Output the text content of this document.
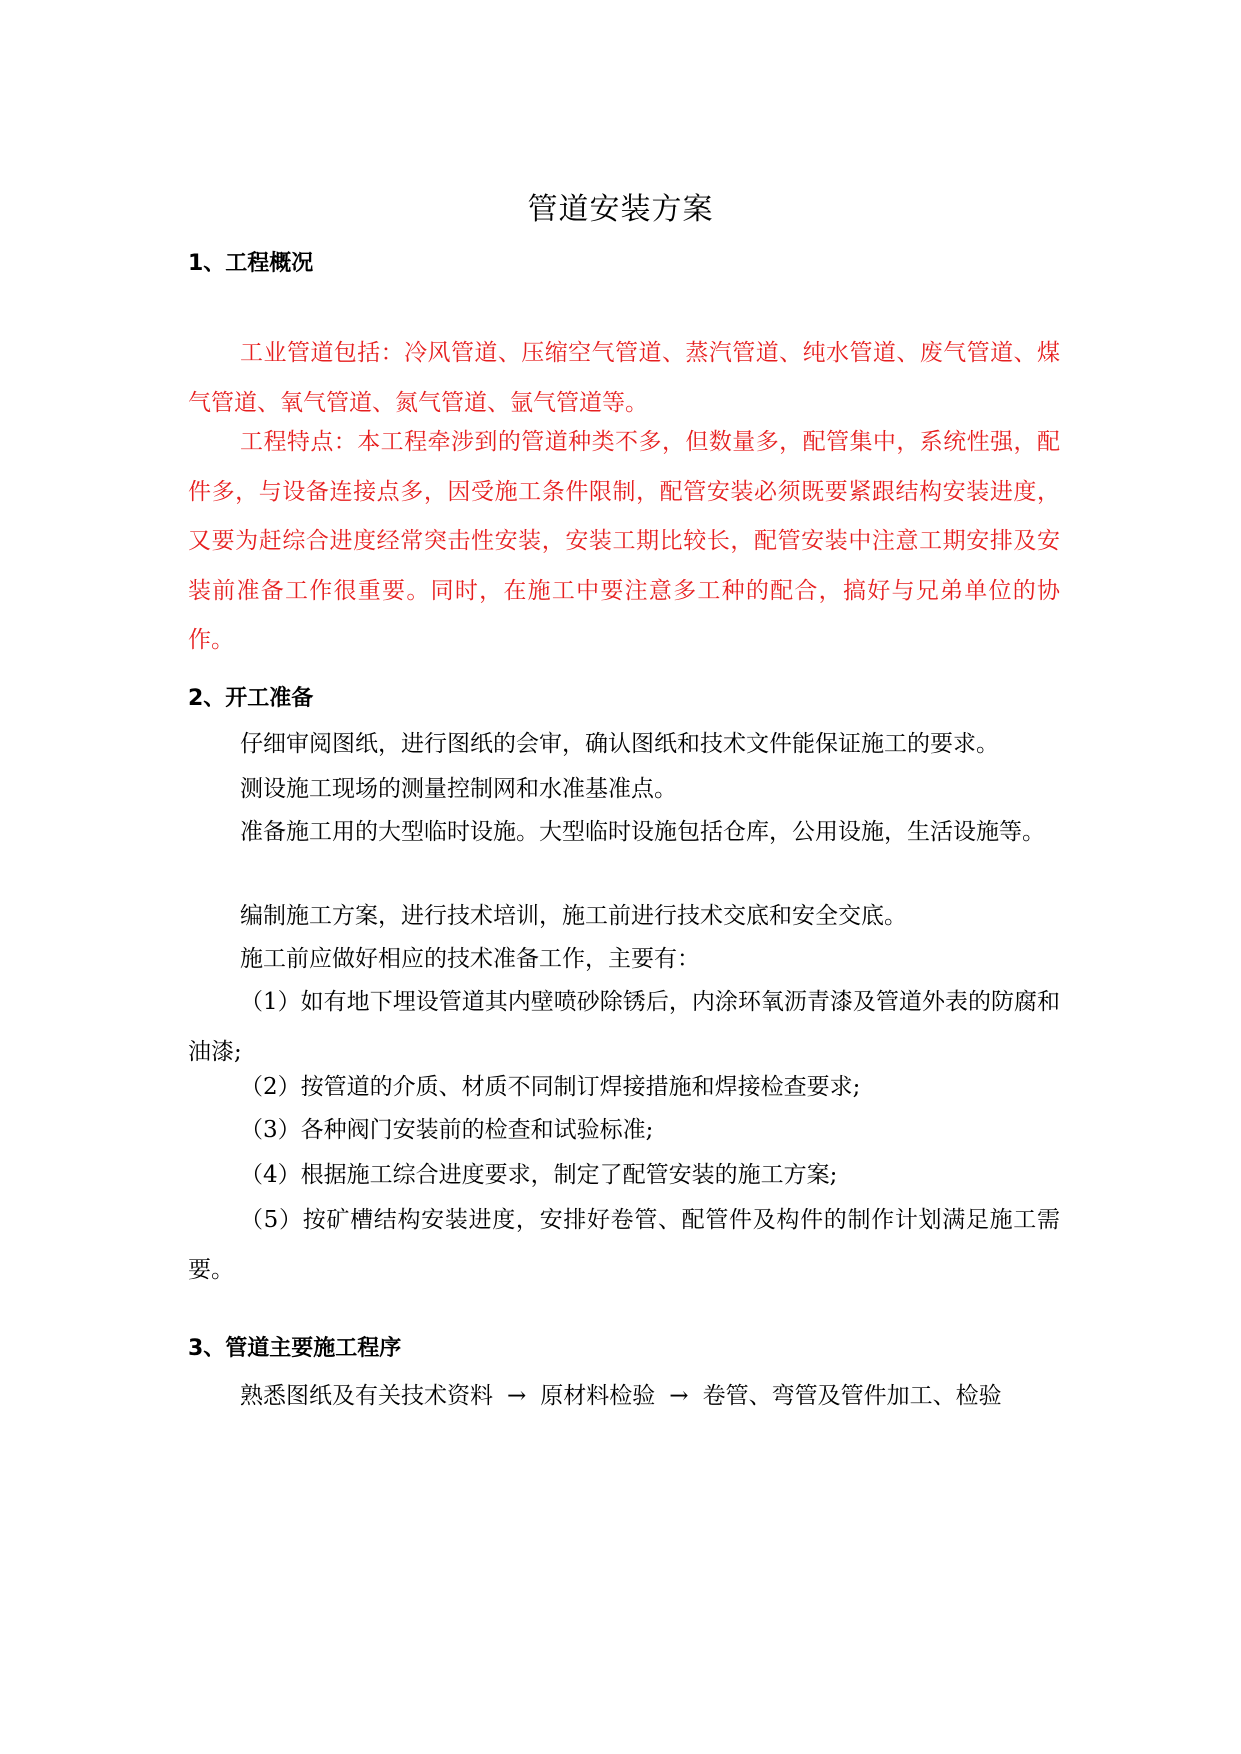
管道安装方案
1、工程概况

工业管道包括：冷风管道、压缩空气管道、蒸汽管道、纯水管道、废气管道、煤气管道、氧气管道、氮气管道、氩气管道等。

工程特点：本工程牵涉到的管道种类不多，但数量多，配管集中，系统性强，配件多，与设备连接点多，因受施工条件限制，配管安装必须既要紧跟结构安装进度，又要为赶综合进度经常突击性安装，安装工期比较长，配管安装中注意工期安排及安装前准备工作很重要。同时，在施工中要注意多工种的配合，搞好与兄弟单位的协作。

2、开工准备

仔细审阅图纸，进行图纸的会审，确认图纸和技术文件能保证施工的要求。

测设施工现场的测量控制网和水准基准点。

准备施工用的大型临时设施。大型临时设施包括仓库，公用设施，生活设施等。

编制施工方案，进行技术培训，施工前进行技术交底和安全交底。

施工前应做好相应的技术准备工作，主要有：

（1）如有地下埋设管道其内壁喷砂除锈后，内涂环氧沥青漆及管道外表的防腐和油漆;

（2）按管道的介质、材质不同制订焊接措施和焊接检查要求;

（3）各种阀门安装前的检查和试验标准;

（4）根据施工综合进度要求，制定了配管安装的施工方案;

（5）按矿槽结构安装进度，安排好卷管、配管件及构件的制作计划满足施工需要。

3、管道主要施工程序
熟悉图纸及有关技术资料 → 原材料检验 → 卷管、弯管及管件加工、检验
